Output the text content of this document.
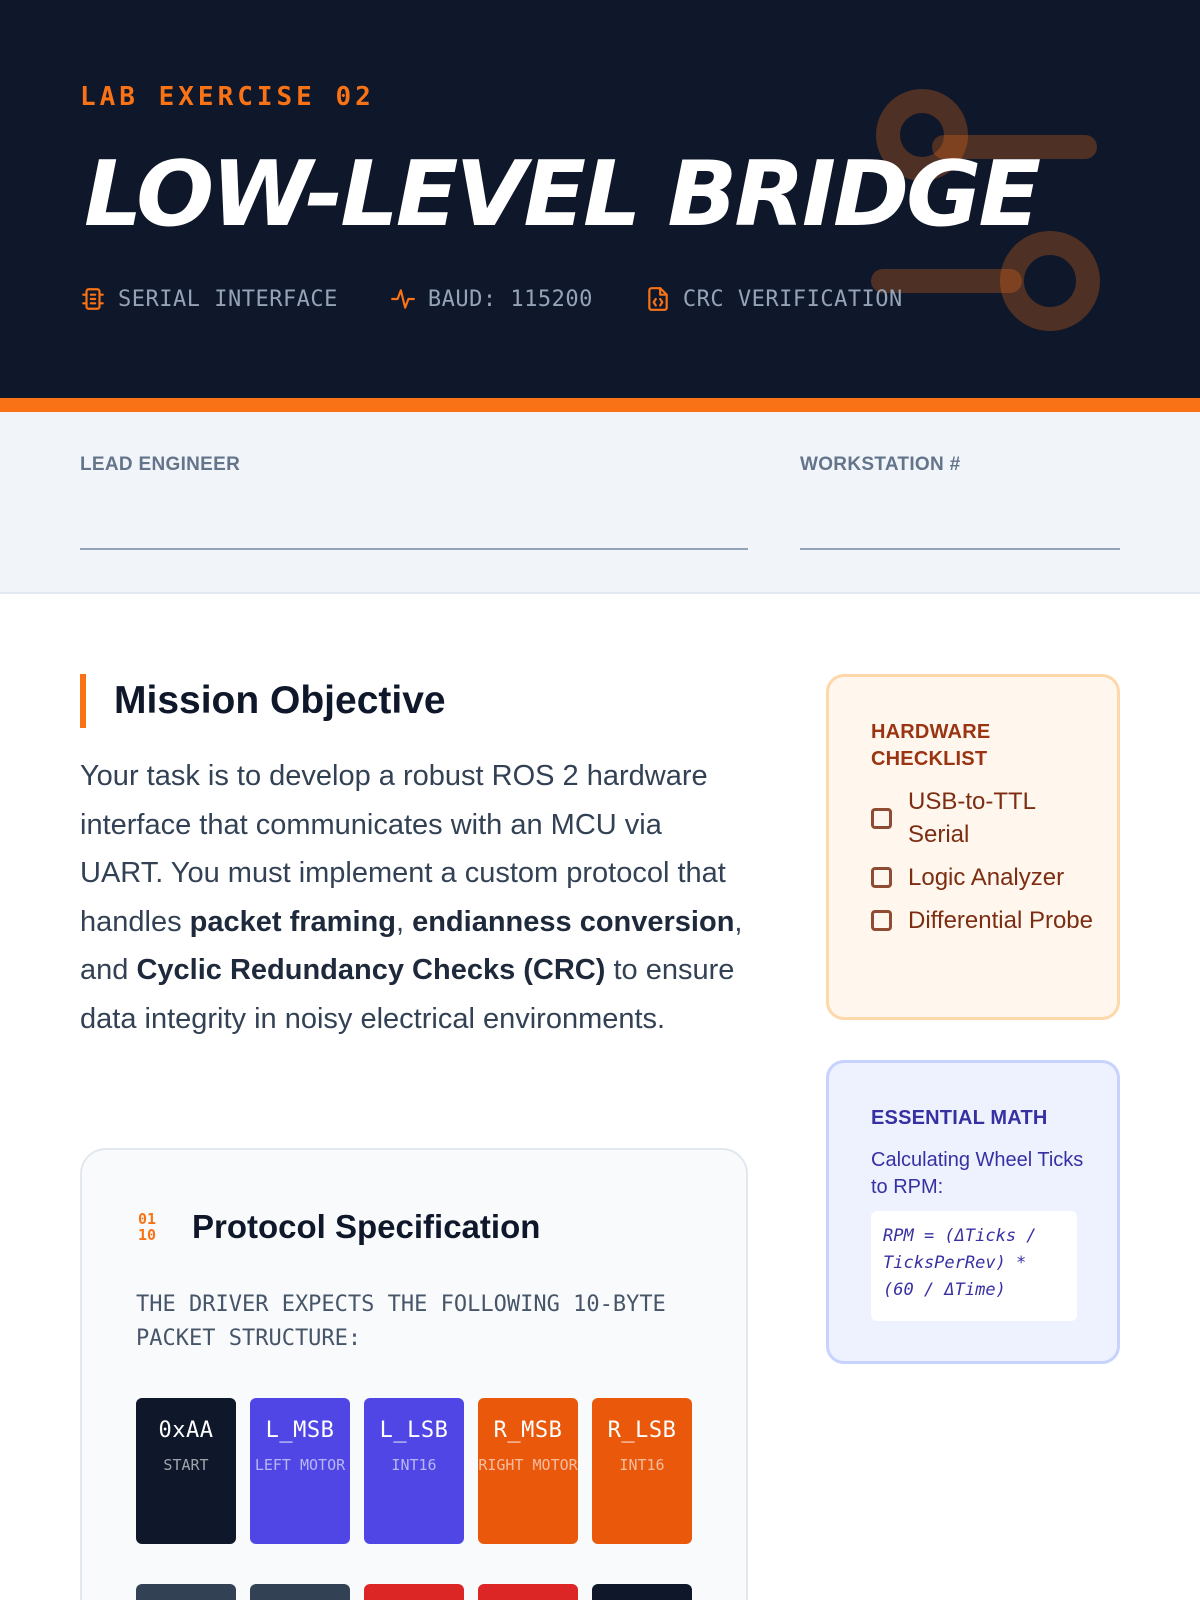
LAB EXERCISE 02
LOW-LEVEL BRIDGE
SERIAL INTERFACE	BAUD: 115200	CRC VERIFICATION
LEAD ENGINEER	WORKSTATION #
Mission Objective

Your task is to develop a robust ROS 2 hardware interface that communicates with an MCU via UART. You must implement a custom protocol that handles packet framing, endianness conversion, and Cyclic Redundancy Checks (CRC) to ensure data integrity in noisy electrical environments.

01
10	Protocol Specification
THE DRIVER EXPECTS THE FOLLOWING 10-BYTE PACKET STRUCTURE:
0xAA
START
L_MSB
LEFT MOTOR
L_LSB
INT16
R_MSB
RIGHT MOTOR
R_LSB
INT16
HARDWARE CHECKLIST
USB-to-TTL Serial
Logic Analyzer
Differential Probe
ESSENTIAL MATH
Calculating Wheel Ticks to RPM:
RPM = (ΔTicks / TicksPerRev) * (60 / ΔTime)
